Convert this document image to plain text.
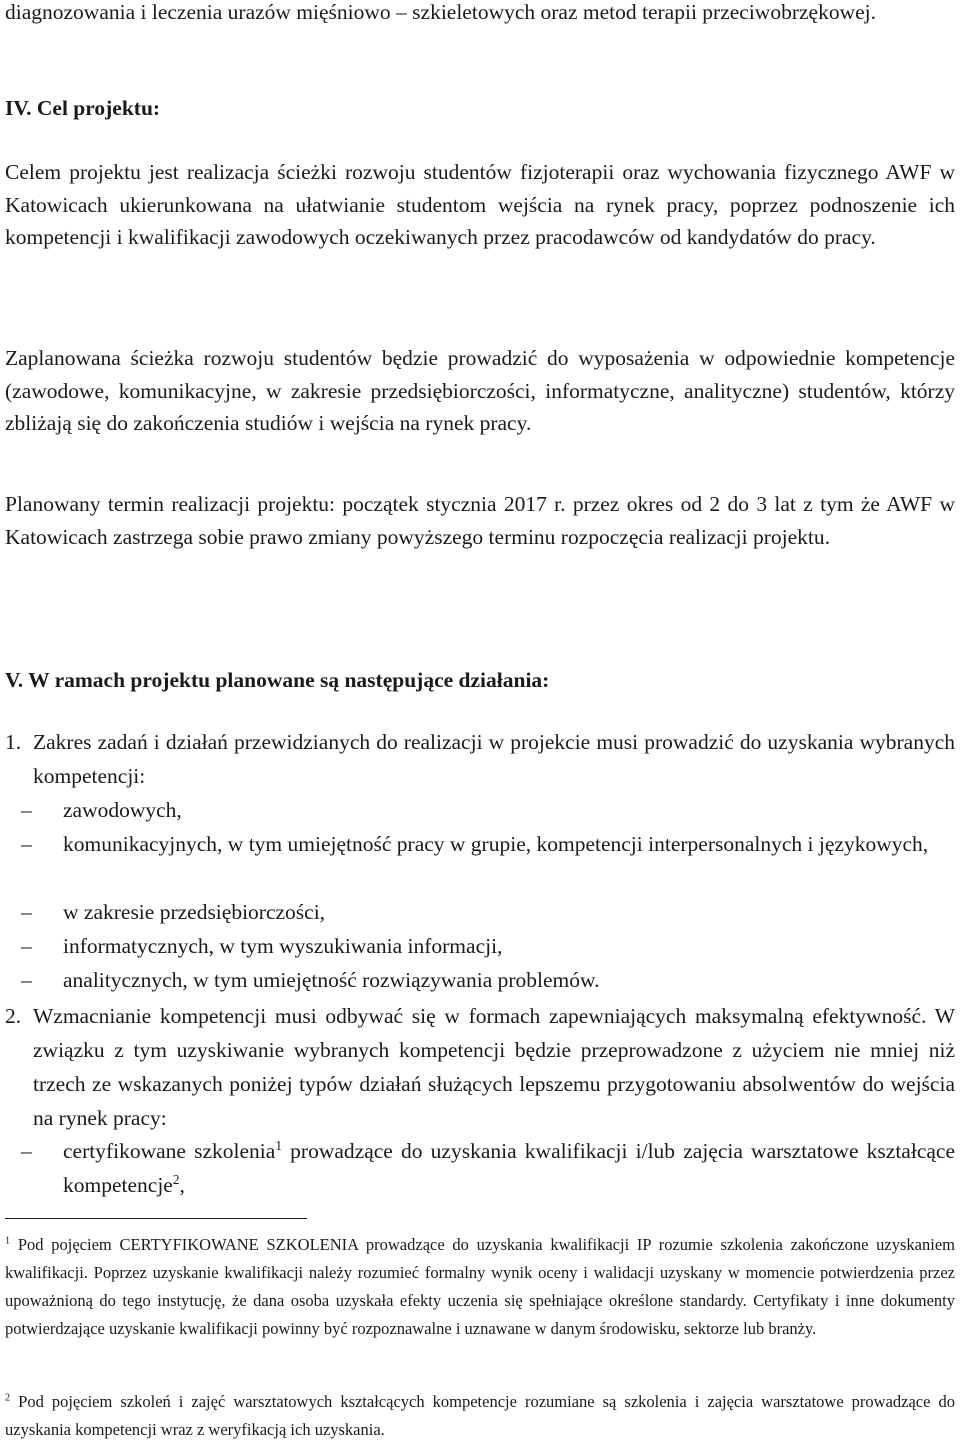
diagnozowania i leczenia urazów mięśniowo – szkieletowych oraz metod terapii przeciwobrzękowej.

IV. Cel projektu:

Celem projektu jest realizacja ścieżki rozwoju studentów fizjoterapii oraz wychowania fizycznego AWF w Katowicach ukierunkowana na ułatwianie studentom wejścia na rynek pracy, poprzez podnoszenie ich kompetencji i kwalifikacji zawodowych oczekiwanych przez pracodawców od kandydatów do pracy.

Zaplanowana ścieżka rozwoju studentów będzie prowadzić do wyposażenia w odpowiednie kompetencje (zawodowe, komunikacyjne, w zakresie przedsiębiorczości, informatyczne, analityczne) studentów, którzy zbliżają się do zakończenia studiów i wejścia na rynek pracy.

Planowany termin realizacji projektu: początek stycznia 2017 r. przez okres od 2 do 3 lat z tym że AWF w Katowicach zastrzega sobie prawo zmiany powyższego terminu rozpoczęcia realizacji projektu.

V. W ramach projektu planowane są następujące działania:
1. Zakres zadań i działań przewidzianych do realizacji w projekcie musi prowadzić do uzyskania wybranych kompetencji:
– zawodowych,
– komunikacyjnych, w tym umiejętność pracy w grupie, kompetencji interpersonalnych i językowych,
– w zakresie przedsiębiorczości,
– informatycznych, w tym wyszukiwania informacji,
– analitycznych, w tym umiejętność rozwiązywania problemów.
2. Wzmacnianie kompetencji musi odbywać się w formach zapewniających maksymalną efektywność. W związku z tym uzyskiwanie wybranych kompetencji będzie przeprowadzone z użyciem nie mniej niż trzech ze wskazanych poniżej typów działań służących lepszemu przygotowaniu absolwentów do wejścia na rynek pracy:
– certyfikowane szkolenia$^1$ prowadzące do uzyskania kwalifikacji i/lub zajęcia warsztatowe kształcące kompetencje$^2$,

$^1$ Pod pojęciem CERTYFIKOWANE SZKOLENIA prowadzące do uzyskania kwalifikacji IP rozumie szkolenia zakończone uzyskaniem kwalifikacji. Poprzez uzyskanie kwalifikacji należy rozumieć formalny wynik oceny i walidacji uzyskany w momencie potwierdzenia przez upoważnioną do tego instytucję, że dana osoba uzyskała efekty uczenia się spełniające określone standardy. Certyfikaty i inne dokumenty potwierdzające uzyskanie kwalifikacji powinny być rozpoznawalne i uznawane w danym środowisku, sektorze lub branży.

$^2$ Pod pojęciem szkoleń i zajęć warsztatowych kształcących kompetencje rozumiane są szkolenia i zajęcia warsztatowe prowadzące do uzyskania kompetencji wraz z weryfikacją ich uzyskania.
